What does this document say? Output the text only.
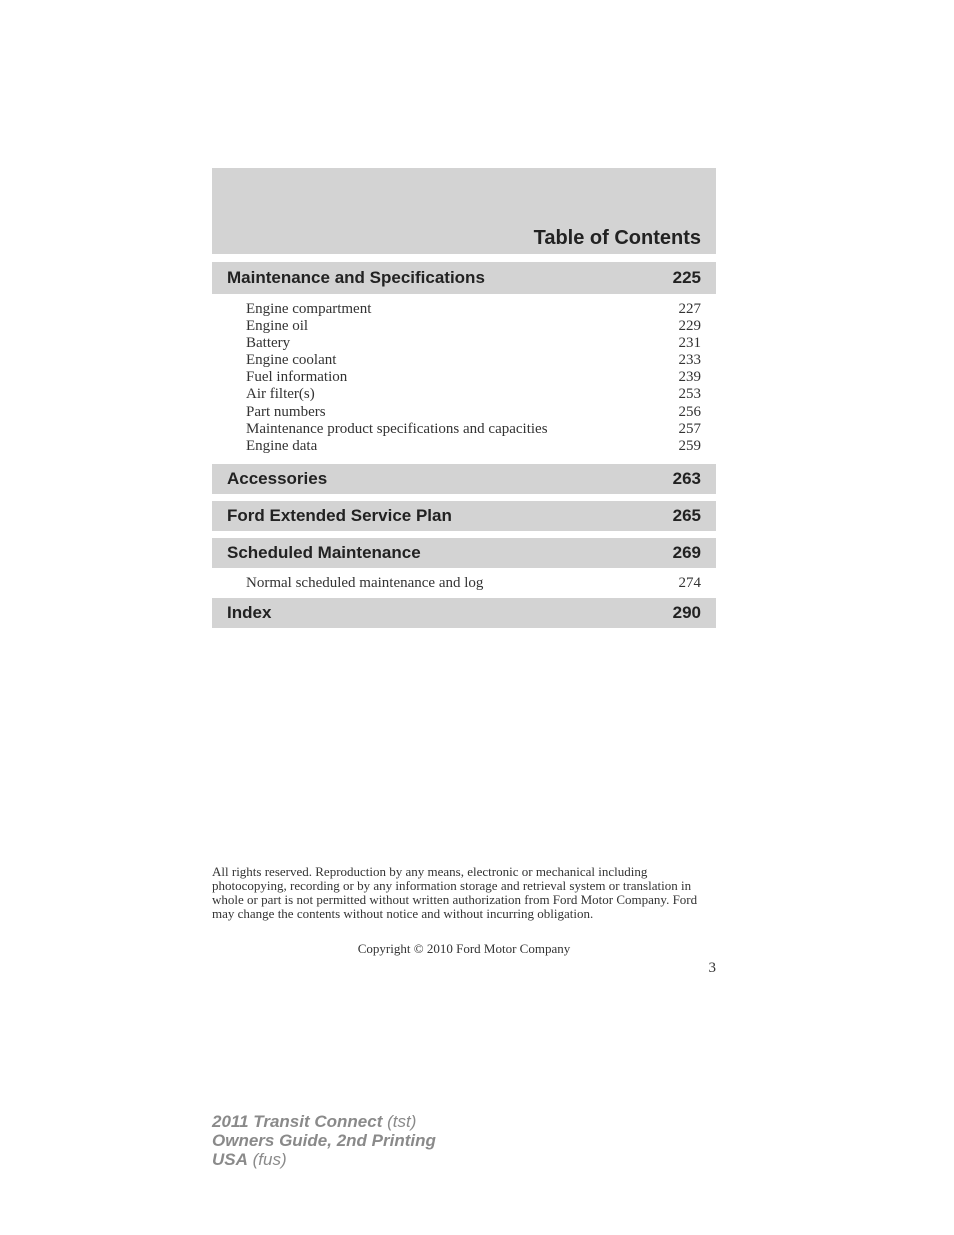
Table of Contents
Maintenance and Specifications	225
Engine compartment	227
Engine oil	229
Battery	231
Engine coolant	233
Fuel information	239
Air filter(s)	253
Part numbers	256
Maintenance product specifications and capacities	257
Engine data	259
Accessories	263
Ford Extended Service Plan	265
Scheduled Maintenance	269
Normal scheduled maintenance and log	274
Index	290
All rights reserved. Reproduction by any means, electronic or mechanical including photocopying, recording or by any information storage and retrieval system or translation in whole or part is not permitted without written authorization from Ford Motor Company. Ford may change the contents without notice and without incurring obligation.
Copyright © 2010 Ford Motor Company
3
2011 Transit Connect (tst)
Owners Guide, 2nd Printing
USA (fus)
